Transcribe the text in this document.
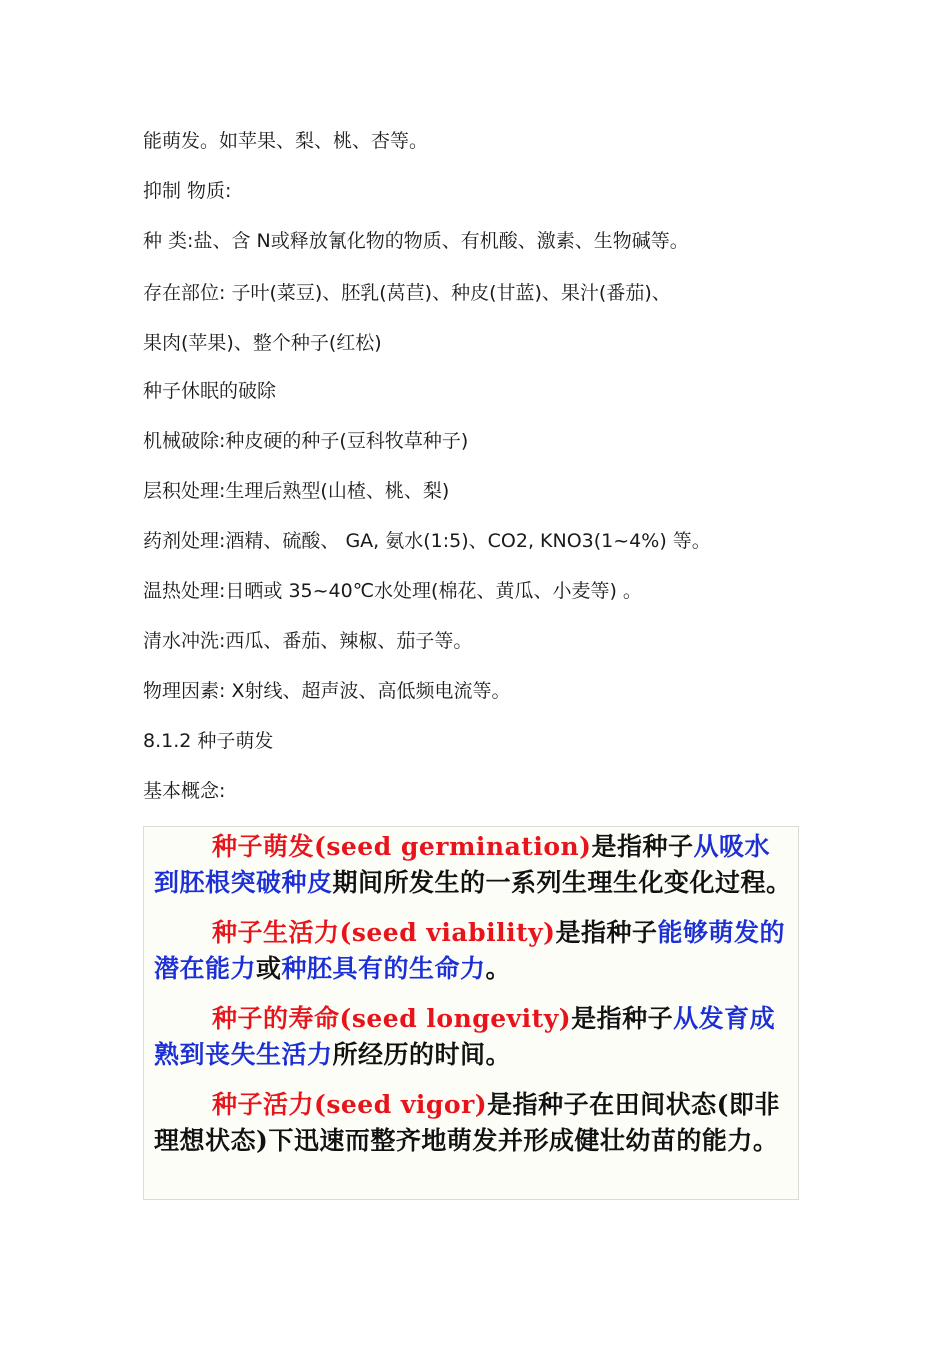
能萌发。如苹果、梨、桃、杏等。
抑制 物质:
种 类:盐、含 N或释放氰化物的物质、有机酸、激素、生物碱等。
存在部位: 子叶(菜豆)、胚乳(莴苣)、种皮(甘蓝)、果汁(番茄)、
果肉(苹果)、整个种子(红松)
种子休眠的破除
机械破除:种皮硬的种子(豆科牧草种子)
层积处理:生理后熟型(山楂、桃、梨)
药剂处理:酒精、硫酸、 GA, 氨水(1:5)、CO2, KNO3(1~4%) 等。
温热处理:日晒或 35~40℃水处理(棉花、黄瓜、小麦等) 。
清水冲洗:西瓜、番茄、辣椒、茄子等。
物理因素: X射线、超声波、高低频电流等。
8.1.2 种子萌发
基本概念:
种子萌发(seed germination)是指种子从吸水到胚根突破种皮期间所发生的一系列生理生化变化过程。
种子生活力(seed viability)是指种子能够萌发的潜在能力或种胚具有的生命力。
种子的寿命(seed longevity)是指种子从发育成熟到丧失生活力所经历的时间。
种子活力(seed vigor)是指种子在田间状态(即非理想状态)下迅速而整齐地萌发并形成健壮幼苗的能力。
